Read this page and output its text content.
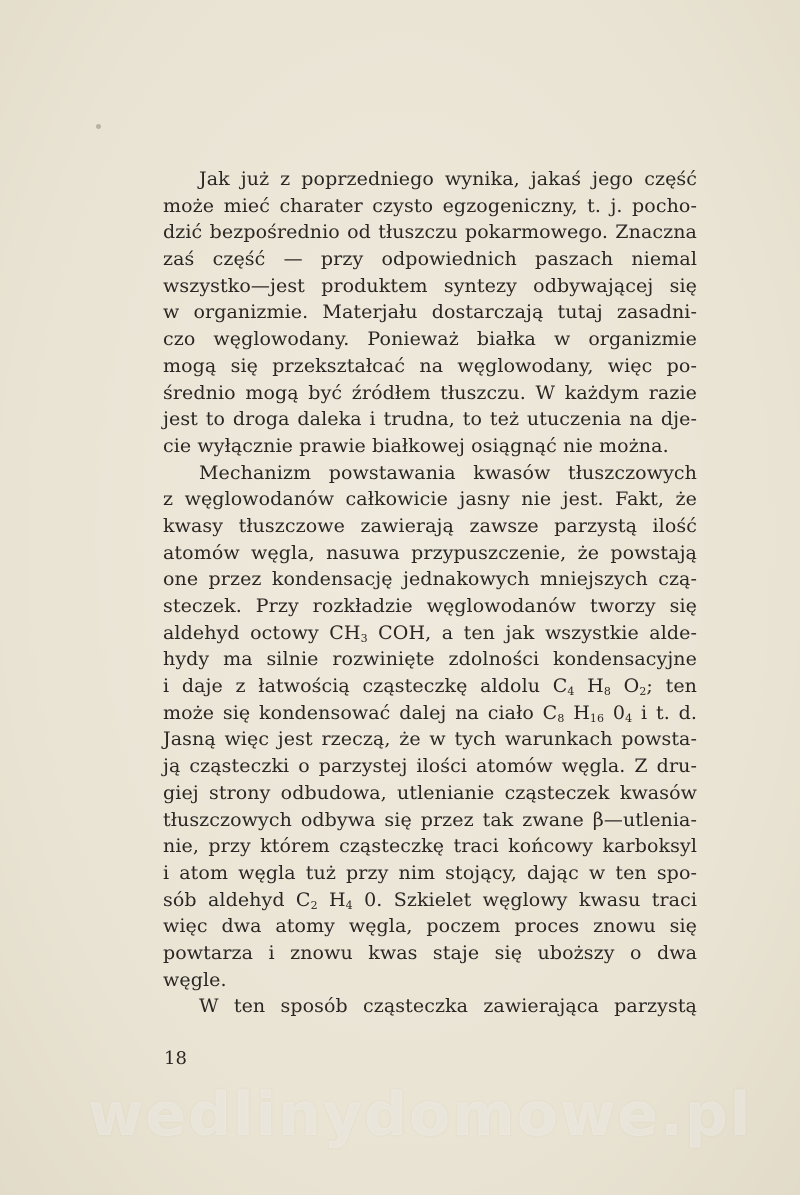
Jak już z poprzedniego wynika, jakaś jego część
może mieć charater czysto egzogeniczny, t. j. pocho-
dzić bezpośrednio od tłuszczu pokarmowego. Znaczna
zaś część — przy odpowiednich paszach niemal
wszystko—jest produktem syntezy odbywającej się
w organizmie. Materjału dostarczają tutaj zasadni-
czo węglowodany. Ponieważ białka w organizmie
mogą się przekształcać na węglowodany, więc po-
średnio mogą być źródłem tłuszczu. W każdym razie
jest to droga daleka i trudna, to też utuczenia na dje-
cie wyłącznie prawie białkowej osiągnąć nie można.
Mechanizm powstawania kwasów tłuszczowych
z węglowodanów całkowicie jasny nie jest. Fakt, że
kwasy tłuszczowe zawierają zawsze parzystą ilość
atomów węgla, nasuwa przypuszczenie, że powstają
one przez kondensację jednakowych mniejszych czą-
steczek. Przy rozkładzie węglowodanów tworzy się
aldehyd octowy $CH_3$ COH, a ten jak wszystkie alde-
hydy ma silnie rozwinięte zdolności kondensacyjne
i daje z łatwością cząsteczkę aldolu $C_4$ $H_8$ $O_2$; ten
może się kondensować dalej na ciało $C_8$ $H_{16}$ $0_4$ i t. d.
Jasną więc jest rzeczą, że w tych warunkach powsta-
ją cząsteczki o parzystej ilości atomów węgla. Z dru-
giej strony odbudowa, utlenianie cząsteczek kwasów
tłuszczowych odbywa się przez tak zwane β—utlenia-
nie, przy którem cząsteczkę traci końcowy karboksyl
i atom węgla tuż przy nim stojący, dając w ten spo-
sób aldehyd $C_2$ $H_4$ 0. Szkielet węglowy kwasu traci
więc dwa atomy węgla, poczem proces znowu się
powtarza i znowu kwas staje się uboższy o dwa
węgle.
W ten sposób cząsteczka zawierająca parzystą
18
wedlinydomowe.pl
